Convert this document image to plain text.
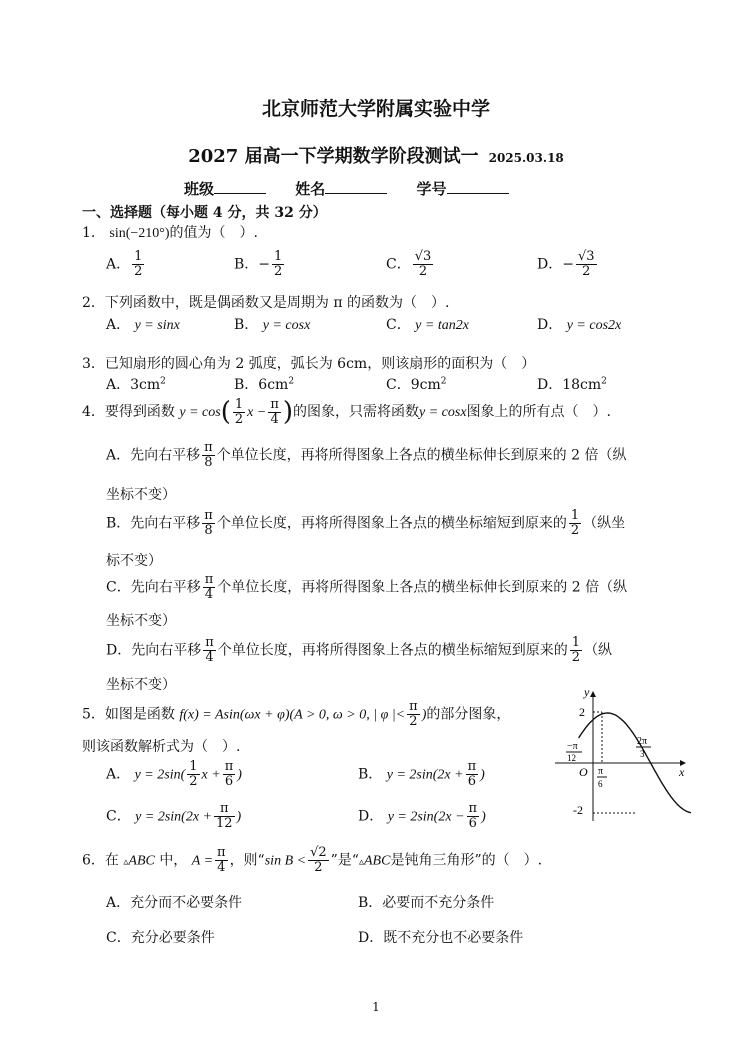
北京师范大学附属实验中学
2027 届高一下学期数学阶段测试一 2025.03.18
班级	姓名	学号
一、选择题（每小题 4 分，共 32 分）
1． sin(−210°)的值为（　）.
A． $\frac{1}{2}$	B．− $\frac{1}{2}$	C． $\frac{√3}{2}$	D．− $\frac{√3}{2}$
2．下列函数中，既是偶函数又是周期为 π 的函数为（　）.
A． y = sinx	B． y = cosx	C． y = tan2x	D． y = cos2x
3．已知扇形的圆心角为 2 弧度，弧长为 6cm，则该扇形的面积为（　）
A．$3cm^2$	B．$6cm^2$	C．$9cm^2$	D．$18cm^2$
4．要得到函数 $y = \cos( \frac{1}{2}$ $x - \frac{\pi}{4}$ )的图象，只需将函数y = cosx图象上的所有点（　）.
A．先向右平移 $\frac{\pi}{8}$ 个单位长度，再将所得图象上各点的横坐标伸长到原来的 2 倍（纵
坐标不变）
B．先向右平移 $\frac{\pi}{8}$ 个单位长度，再将所得图象上各点的横坐标缩短到原来的 $\frac{1}{2}$ （纵坐
标不变）
C．先向右平移 $\frac{\pi}{4}$ 个单位长度，再将所得图象上各点的横坐标伸长到原来的 2 倍（纵
坐标不变）
D．先向右平移 $\frac{\pi}{4}$ 个单位长度，再将所得图象上各点的横坐标缩短到原来的 $\frac{1}{2}$ （纵
坐标不变）
5．如图是函数 f(x) = Asin(ωx + φ)(A > 0, ω > 0, | φ |< $\frac{\pi}{2}$ )的部分图象，
则该函数解析式为（　）.
A． $y = 2\sin( \frac{1}{2}$ $x + \frac{\pi}{6}$ )	B． $y = 2\sin(2x + \frac{\pi}{6}$ )
C． $y = 2\sin(2x + \frac{\pi}{12}$ )	D． $y = 2\sin(2x - \frac{\pi}{6}$ )
y
x
O
2
-2
−π
12
π
6
2π
3
6．在 ▵ABC 中， $A = \frac{\pi}{4}$ ，则“sin $B < \frac{√2}{2}$ ”是“▵ABC是钝角三角形”的（　）.
A．充分而不必要条件	B．必要而不充分条件
C．充分必要条件	D．既不充分也不必要条件
1
